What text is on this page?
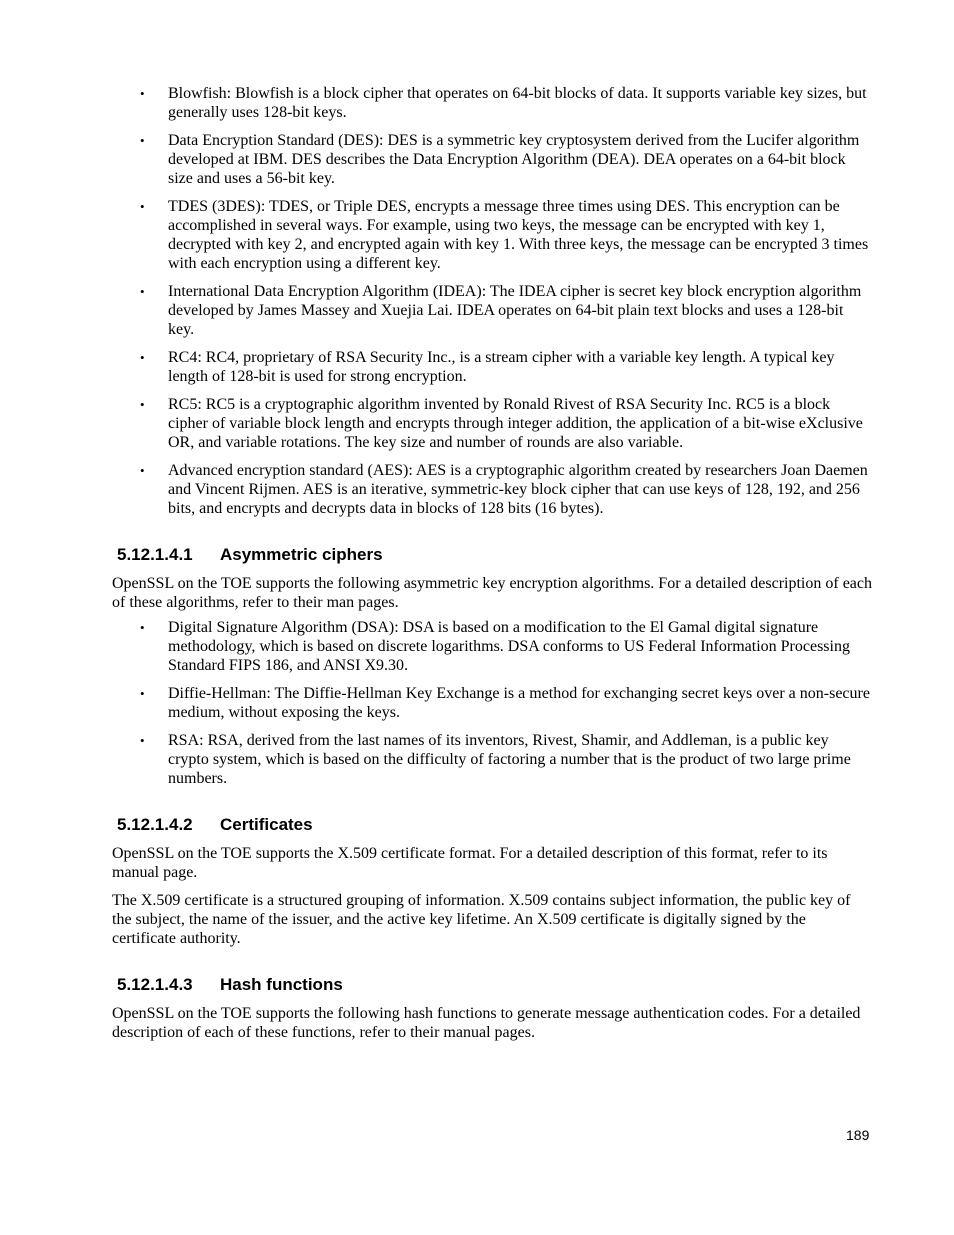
• Blowfish: Blowfish is a block cipher that operates on 64-bit blocks of data. It supports variable key sizes, but generally uses 128-bit keys.
• Data Encryption Standard (DES): DES is a symmetric key cryptosystem derived from the Lucifer algorithm developed at IBM. DES describes the Data Encryption Algorithm (DEA). DEA operates on a 64-bit block size and uses a 56-bit key.
• TDES (3DES): TDES, or Triple DES, encrypts a message three times using DES. This encryption can be accomplished in several ways. For example, using two keys, the message can be encrypted with key 1, decrypted with key 2, and encrypted again with key 1. With three keys, the message can be encrypted 3 times with each encryption using a different key.
• International Data Encryption Algorithm (IDEA): The IDEA cipher is secret key block encryption algorithm developed by James Massey and Xuejia Lai. IDEA operates on 64-bit plain text blocks and uses a 128-bit key.
• RC4: RC4, proprietary of RSA Security Inc., is a stream cipher with a variable key length. A typical key length of 128-bit is used for strong encryption.
• RC5: RC5 is a cryptographic algorithm invented by Ronald Rivest of RSA Security Inc. RC5 is a block cipher of variable block length and encrypts through integer addition, the application of a bit-wise eXclusive OR, and variable rotations. The key size and number of rounds are also variable.
• Advanced encryption standard (AES): AES is a cryptographic algorithm created by researchers Joan Daemen and Vincent Rijmen. AES is an iterative, symmetric-key block cipher that can use keys of 128, 192, and 256 bits, and encrypts and decrypts data in blocks of 128 bits (16 bytes).
5.12.1.4.1 Asymmetric ciphers

OpenSSL on the TOE supports the following asymmetric key encryption algorithms. For a detailed description of each of these algorithms, refer to their man pages.

• Digital Signature Algorithm (DSA): DSA is based on a modification to the El Gamal digital signature methodology, which is based on discrete logarithms. DSA conforms to US Federal Information Processing Standard FIPS 186, and ANSI X9.30.
• Diffie-Hellman: The Diffie-Hellman Key Exchange is a method for exchanging secret keys over a non-secure medium, without exposing the keys.
• RSA: RSA, derived from the last names of its inventors, Rivest, Shamir, and Addleman, is a public key crypto system, which is based on the difficulty of factoring a number that is the product of two large prime numbers.
5.12.1.4.2 Certificates

OpenSSL on the TOE supports the X.509 certificate format. For a detailed description of this format, refer to its manual page.

The X.509 certificate is a structured grouping of information. X.509 contains subject information, the public key of the subject, the name of the issuer, and the active key lifetime. An X.509 certificate is digitally signed by the certificate authority.

5.12.1.4.3 Hash functions

OpenSSL on the TOE supports the following hash functions to generate message authentication codes. For a detailed description of each of these functions, refer to their manual pages.

189
